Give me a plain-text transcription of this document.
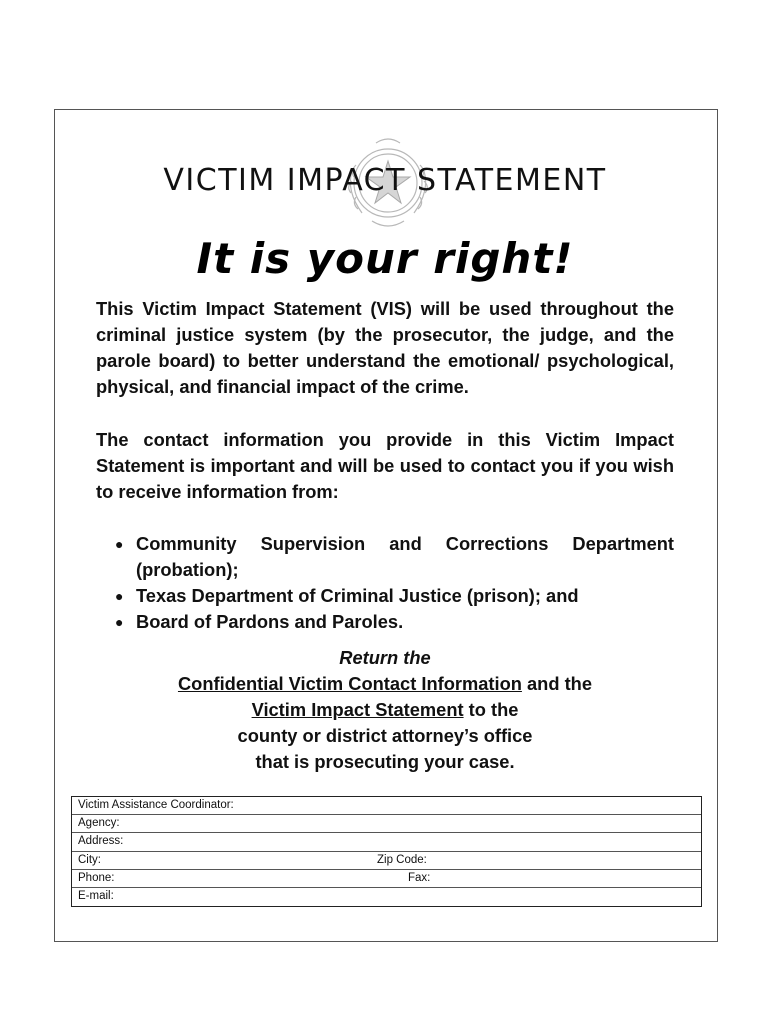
VICTIM IMPACT STATEMENT
It is your right!
This Victim Impact Statement (VIS) will be used throughout the criminal justice system (by the prosecutor, the judge, and the parole board) to better understand the emotional/ psychological, physical, and financial impact of the crime.
The contact information you provide in this Victim Impact Statement is important and will be used to contact you if you wish to receive information from:
● Community Supervision and Corrections Department (probation);
● Texas Department of Criminal Justice (prison); and
● Board of Pardons and Paroles.
Return the
Confidential Victim Contact Information and the
Victim Impact Statement to the
county or district attorney’s office
that is prosecuting your case.
Victim Assistance Coordinator:
Agency:
Address:
City:	Zip Code:
Phone:	Fax:
E-mail:
